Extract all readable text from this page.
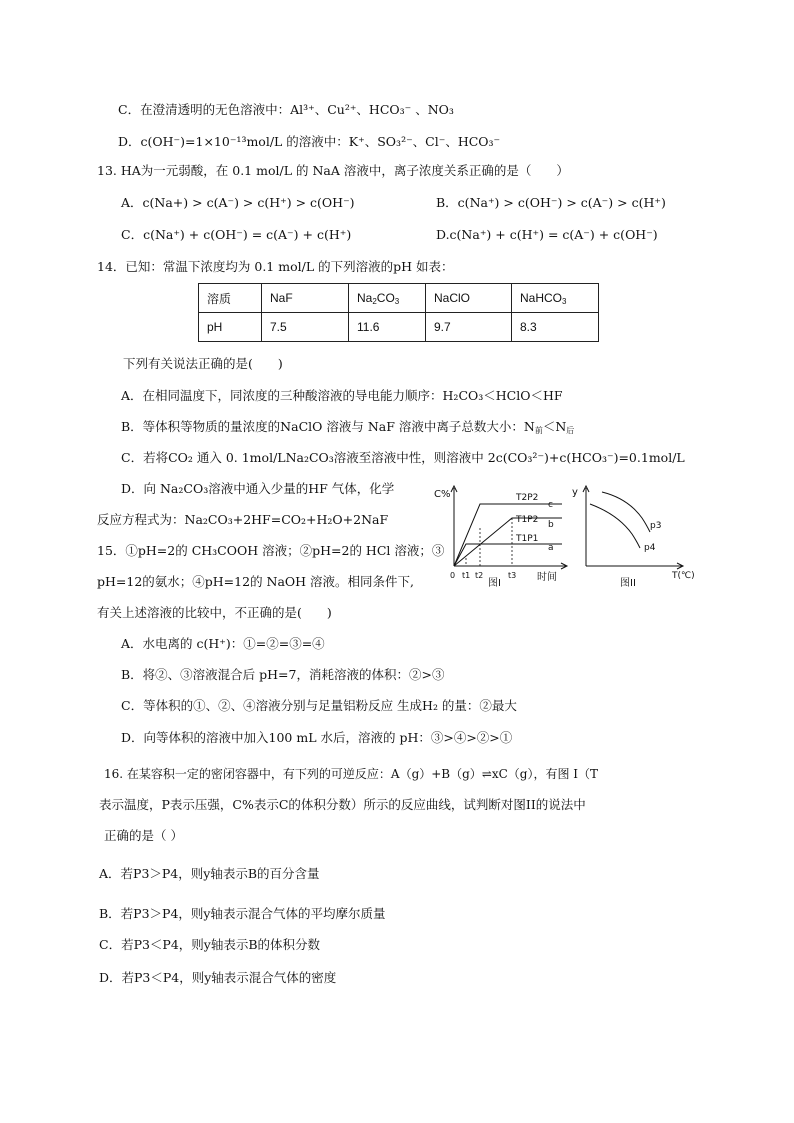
C．在澄清透明的无色溶液中：Al³⁺、Cu²⁺、HCO₃⁻ 、NO₃
D．c(OH⁻)=1×10⁻¹³mol/L 的溶液中：K⁺、SO₃²⁻、Cl⁻、HCO₃⁻
13. HA为一元弱酸，在 0.1 mol/L 的 NaA 溶液中，离子浓度关系正确的是（　　）
A．c(Na+) > c(A⁻) > c(H⁺) > c(OH⁻)	B．c(Na⁺) > c(OH⁻) > c(A⁻) > c(H⁺)
C．c(Na⁺) + c(OH⁻) = c(A⁻) + c(H⁺)	D.c(Na⁺) + c(H⁺) = c(A⁻) + c(OH⁻)
14．已知：常温下浓度均为 0.1 mol/L 的下列溶液的pH 如表：
溶质	NaF	$Na_2CO_3$	NaClO	NaHCO$_3$
pH	7.5	11.6	9.7	8.3
下列有关说法正确的是(　　)
A．在相同温度下，同浓度的三种酸溶液的导电能力顺序：H₂CO₃＜HClO＜HF
B．等体积等物质的量浓度的NaClO 溶液与 NaF 溶液中离子总数大小：$N_前<N_后$
C．若将CO₂ 通入 0. 1mol/LNa₂CO₃溶液至溶液中性，则溶液中 2c(CO₃²⁻)+c(HCO₃⁻)=0.1mol/L
D．向 Na₂CO₃溶液中通入少量的HF 气体，化学
反应方程式为：Na₂CO₃+2HF=CO₂+H₂O+2NaF
15．①pH=2的 CH₃COOH 溶液；②pH=2的 HCl 溶液；③
pH=12的氨水；④pH=12的 NaOH 溶液。相同条件下,
有关上述溶液的比较中，不正确的是(　　)
A．水电离的 c(H⁺)：①=②=③=④
B．将②、③溶液混合后 pH=7，消耗溶液的体积：②>③
C．等体积的①、②、④溶液分别与足量铝粉反应 生成H₂ 的量：②最大
D．向等体积的溶液中加入100 mL 水后，溶液的 pH：③>④>②>①
16. 在某容积一定的密闭容器中，有下列的可逆反应：A（g）+B（g）⇌xC（g），有图 I（T
表示温度，P表示压强，C%表示C的体积分数）所示的反应曲线，试判断对图II的说法中
正确的是（ ）
A．若P3＞P4，则y轴表示B的百分含量
B．若P3＞P4，则y轴表示混合气体的平均摩尔质量
C．若P3＜P4，则y轴表示B的体积分数
D．若P3＜P4，则y轴表示混合气体的密度
C%
时间
0 t1 t2	t3
T2P2
T1P2
T1P1
c
b
a
图I
y
T(℃)
p3
p4
图II
